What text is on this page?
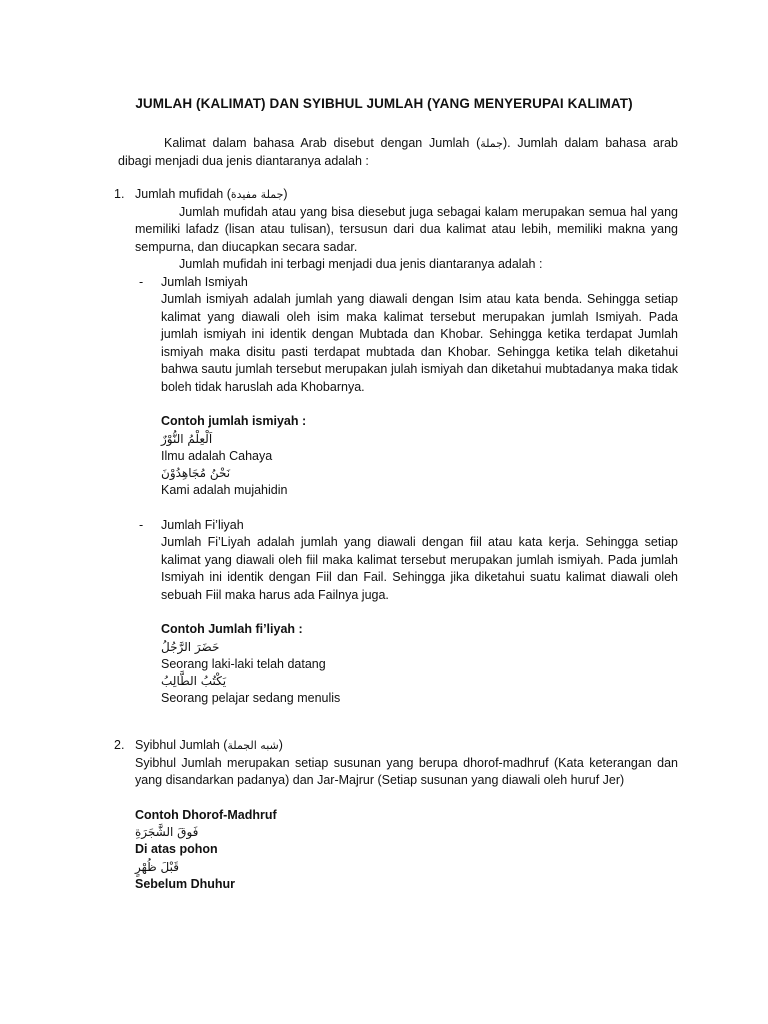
JUMLAH (KALIMAT) DAN SYIBHUL JUMLAH (YANG MENYERUPAI KALIMAT)
Kalimat dalam bahasa Arab disebut dengan Jumlah (جملة). Jumlah dalam bahasa arab dibagi menjadi dua jenis diantaranya adalah :
1. Jumlah mufidah (جملة مفيدة)

Jumlah mufidah atau yang bisa diesebut juga sebagai kalam merupakan semua hal yang memiliki lafadz (lisan atau tulisan), tersusun dari dua kalimat atau lebih, memiliki makna yang sempurna, dan diucapkan secara sadar.

Jumlah mufidah ini terbagi menjadi dua jenis diantaranya adalah :

-	Jumlah Ismiyah

Jumlah ismiyah adalah jumlah yang diawali dengan Isim atau kata benda. Sehingga setiap kalimat yang diawali oleh isim maka kalimat tersebut merupakan jumlah Ismiyah. Pada jumlah ismiyah ini identik dengan Mubtada dan Khobar. Sehingga ketika terdapat Jumlah ismiyah maka disitu pasti terdapat mubtada dan Khobar. Sehingga ketika telah diketahui bahwa sautu jumlah tersebut merupakan julah ismiyah dan diketahui mubtadanya maka tidak boleh tidak haruslah ada Khobarnya.

Contoh jumlah ismiyah :
اَلْعِلْمُ النُّوْرٌ
Ilmu adalah Cahaya
نَحْنُ مُجَاهِدُوْنَ
Kami adalah mujahidin
-	Jumlah Fi’liyah

Jumlah Fi’Liyah adalah jumlah yang diawali dengan fiil atau kata kerja. Sehingga setiap kalimat yang diawali oleh fiil maka kalimat tersebut merupakan jumlah ismiyah. Pada jumlah Ismiyah ini identik dengan Fiil dan Fail. Sehingga jika diketahui suatu kalimat diawali oleh sebuah Fiil maka harus ada Failnya juga.

Contoh Jumlah fi’liyah :
حَضَرَ الرَّجُلُ
Seorang laki-laki telah datang
يَكْتُبُ الطَّالِبُ
Seorang pelajar sedang menulis
2. Syibhul Jumlah (شبه الجملة)

Syibhul Jumlah merupakan setiap susunan yang berupa dhorof-madhruf (Kata keterangan dan yang disandarkan padanya) dan Jar-Majrur (Setiap susunan yang diawali oleh huruf Jer)

Contoh Dhorof-Madhruf
فَوقَ الشَّجَرَةِ
Di atas pohon
قَبْلَ ظُهْرٍ
Sebelum Dhuhur
